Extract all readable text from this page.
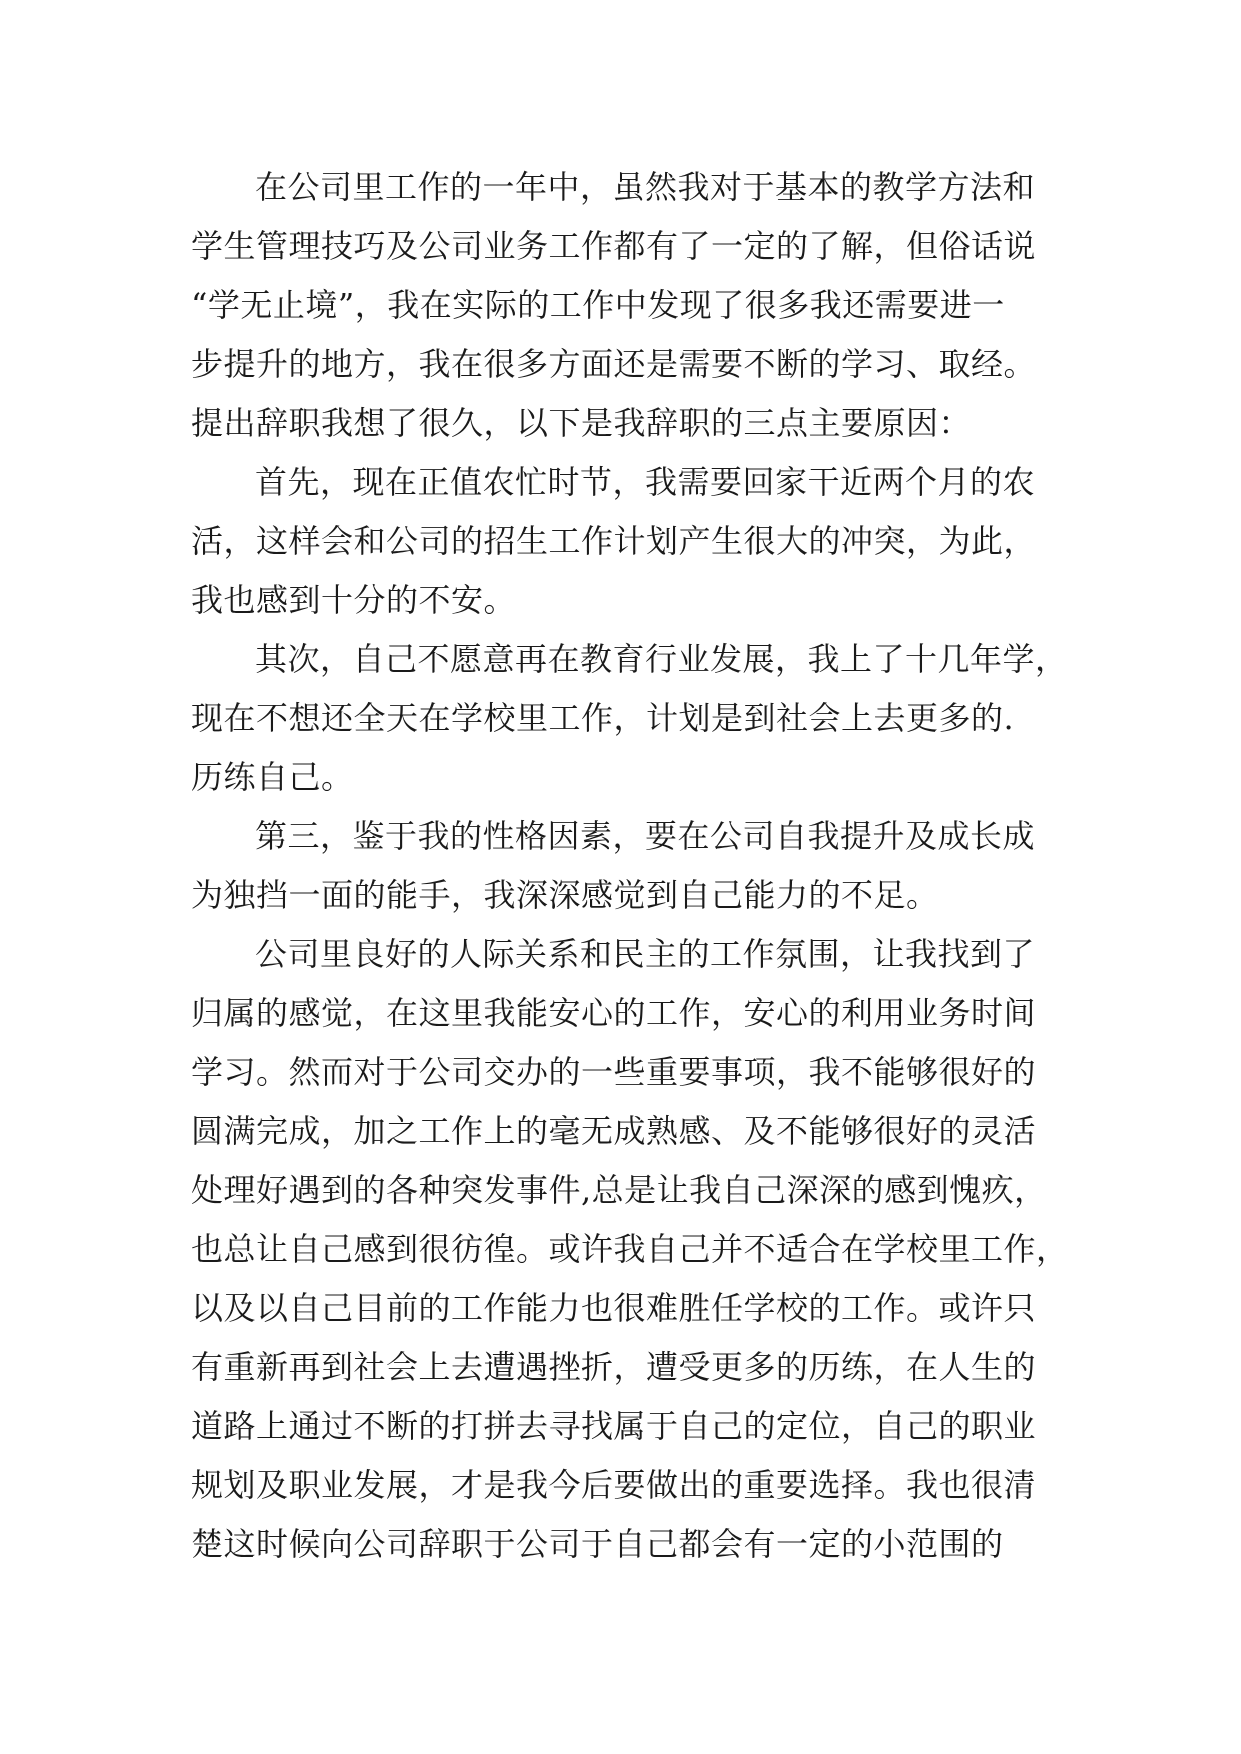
在公司里工作的一年中，虽然我对于基本的教学方法和
学生管理技巧及公司业务工作都有了一定的了解，但俗话说
“学无止境”，我在实际的工作中发现了很多我还需要进一
步提升的地方，我在很多方面还是需要不断的学习、取经。
提出辞职我想了很久，以下是我辞职的三点主要原因：
首先，现在正值农忙时节，我需要回家干近两个月的农
活，这样会和公司的招生工作计划产生很大的冲突，为此，
我也感到十分的不安。
其次，自己不愿意再在教育行业发展，我上了十几年学，
现在不想还全天在学校里工作，计划是到社会上去更多的.
历练自己。
第三，鉴于我的性格因素，要在公司自我提升及成长成
为独挡一面的能手，我深深感觉到自己能力的不足。
公司里良好的人际关系和民主的工作氛围，让我找到了
归属的感觉，在这里我能安心的工作，安心的利用业务时间
学习。然而对于公司交办的一些重要事项，我不能够很好的
圆满完成，加之工作上的毫无成熟感、及不能够很好的灵活
处理好遇到的各种突发事件,总是让我自己深深的感到愧疚，
也总让自己感到很彷徨。或许我自己并不适合在学校里工作，
以及以自己目前的工作能力也很难胜任学校的工作。或许只
有重新再到社会上去遭遇挫折，遭受更多的历练，在人生的
道路上通过不断的打拼去寻找属于自己的定位，自己的职业
规划及职业发展，才是我今后要做出的重要选择。我也很清
楚这时候向公司辞职于公司于自己都会有一定的小范围的
